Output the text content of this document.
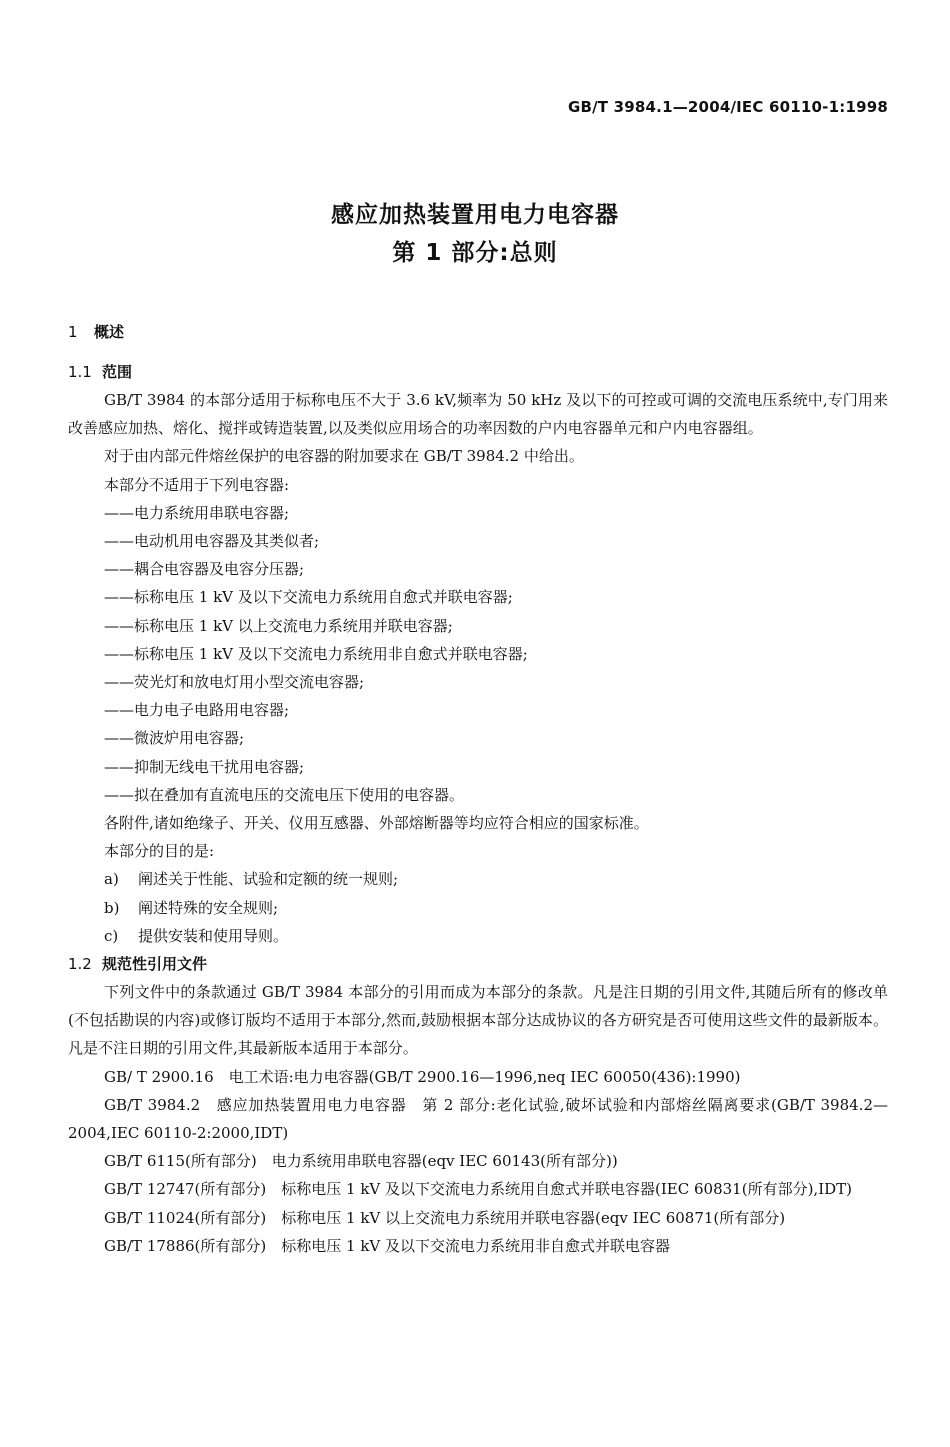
GB/T 3984.1—2004/IEC 60110-1:1998
感应加热装置用电力电容器
第 1 部分:总则
1 概述
1.1 范围

GB/T 3984 的本部分适用于标称电压不大于 3.6 kV,频率为 50 kHz 及以下的可控或可调的交流电压系统中,专门用来改善感应加热、熔化、搅拌或铸造装置,以及类似应用场合的功率因数的户内电容器单元和户内电容器组。

对于由内部元件熔丝保护的电容器的附加要求在 GB/T 3984.2 中给出。

本部分不适用于下列电容器:

——电力系统用串联电容器;

——电动机用电容器及其类似者;

——耦合电容器及电容分压器;

——标称电压 1 kV 及以下交流电力系统用自愈式并联电容器;

——标称电压 1 kV 以上交流电力系统用并联电容器;

——标称电压 1 kV 及以下交流电力系统用非自愈式并联电容器;

——荧光灯和放电灯用小型交流电容器;

——电力电子电路用电容器;

——微波炉用电容器;

——抑制无线电干扰用电容器;

——拟在叠加有直流电压的交流电压下使用的电容器。

各附件,诸如绝缘子、开关、仪用互感器、外部熔断器等均应符合相应的国家标准。

本部分的目的是:

a) 阐述关于性能、试验和定额的统一规则;

b) 阐述特殊的安全规则;

c) 提供安装和使用导则。

1.2 规范性引用文件

下列文件中的条款通过 GB/T 3984 本部分的引用而成为本部分的条款。凡是注日期的引用文件,其随后所有的修改单(不包括勘误的内容)或修订版均不适用于本部分,然而,鼓励根据本部分达成协议的各方研究是否可使用这些文件的最新版本。凡是不注日期的引用文件,其最新版本适用于本部分。

GB/ T 2900.16　电工术语:电力电容器(GB/T 2900.16—1996,neq IEC 60050(436):1990)

GB/T 3984.2　感应加热装置用电力电容器　第 2 部分:老化试验,破坏试验和内部熔丝隔离要求(GB/T 3984.2—2004,IEC 60110-2:2000,IDT)

GB/T 6115(所有部分)　电力系统用串联电容器(eqv IEC 60143(所有部分))

GB/T 12747(所有部分)　标称电压 1 kV 及以下交流电力系统用自愈式并联电容器(IEC 60831(所有部分),IDT)

GB/T 11024(所有部分)　标称电压 1 kV 以上交流电力系统用并联电容器(eqv IEC 60871(所有部分)

GB/T 17886(所有部分)　标称电压 1 kV 及以下交流电力系统用非自愈式并联电容器
